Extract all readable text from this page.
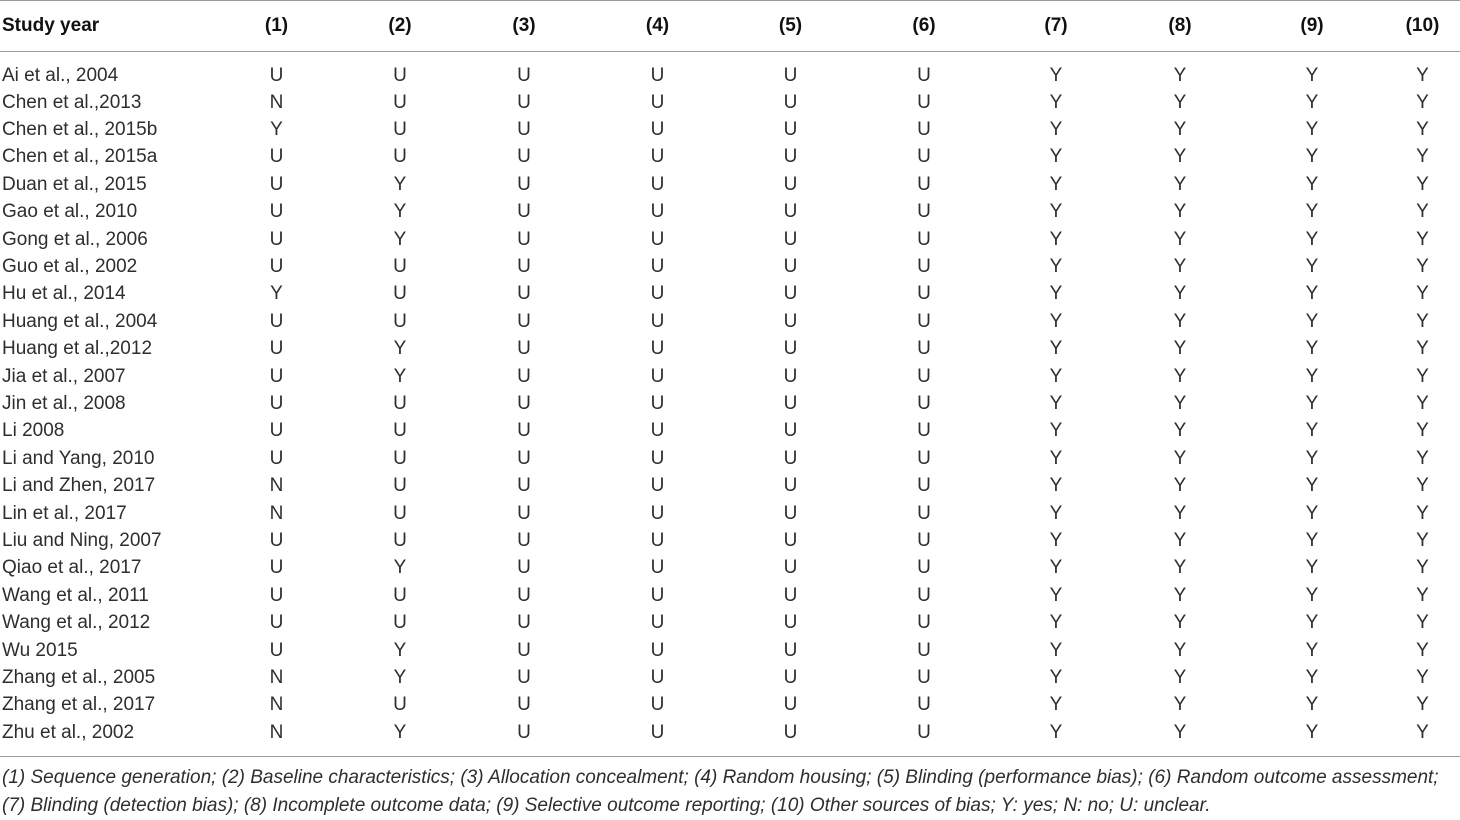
Study year	(1)	(2)	(3)	(4)	(5)	(6)	(7)	(8)	(9)	(10)
Ai et al., 2004	U	U	U	U	U	U	Y	Y	Y	Y
Chen et al.,2013	N	U	U	U	U	U	Y	Y	Y	Y
Chen et al., 2015b	Y	U	U	U	U	U	Y	Y	Y	Y
Chen et al., 2015a	U	U	U	U	U	U	Y	Y	Y	Y
Duan et al., 2015	U	Y	U	U	U	U	Y	Y	Y	Y
Gao et al., 2010	U	Y	U	U	U	U	Y	Y	Y	Y
Gong et al., 2006	U	Y	U	U	U	U	Y	Y	Y	Y
Guo et al., 2002	U	U	U	U	U	U	Y	Y	Y	Y
Hu et al., 2014	Y	U	U	U	U	U	Y	Y	Y	Y
Huang et al., 2004	U	U	U	U	U	U	Y	Y	Y	Y
Huang et al.,2012	U	Y	U	U	U	U	Y	Y	Y	Y
Jia et al., 2007	U	Y	U	U	U	U	Y	Y	Y	Y
Jin et al., 2008	U	U	U	U	U	U	Y	Y	Y	Y
Li 2008	U	U	U	U	U	U	Y	Y	Y	Y
Li and Yang, 2010	U	U	U	U	U	U	Y	Y	Y	Y
Li and Zhen, 2017	N	U	U	U	U	U	Y	Y	Y	Y
Lin et al., 2017	N	U	U	U	U	U	Y	Y	Y	Y
Liu and Ning, 2007	U	U	U	U	U	U	Y	Y	Y	Y
Qiao et al., 2017	U	Y	U	U	U	U	Y	Y	Y	Y
Wang et al., 2011	U	U	U	U	U	U	Y	Y	Y	Y
Wang et al., 2012	U	U	U	U	U	U	Y	Y	Y	Y
Wu 2015	U	Y	U	U	U	U	Y	Y	Y	Y
Zhang et al., 2005	N	Y	U	U	U	U	Y	Y	Y	Y
Zhang et al., 2017	N	U	U	U	U	U	Y	Y	Y	Y
Zhu et al., 2002	N	Y	U	U	U	U	Y	Y	Y	Y
(1) Sequence generation; (2) Baseline characteristics; (3) Allocation concealment; (4) Random housing; (5) Blinding (performance bias); (6) Random outcome assessment; (7) Blinding (detection bias); (8) Incomplete outcome data; (9) Selective outcome reporting; (10) Other sources of bias; Y: yes; N: no; U: unclear.
